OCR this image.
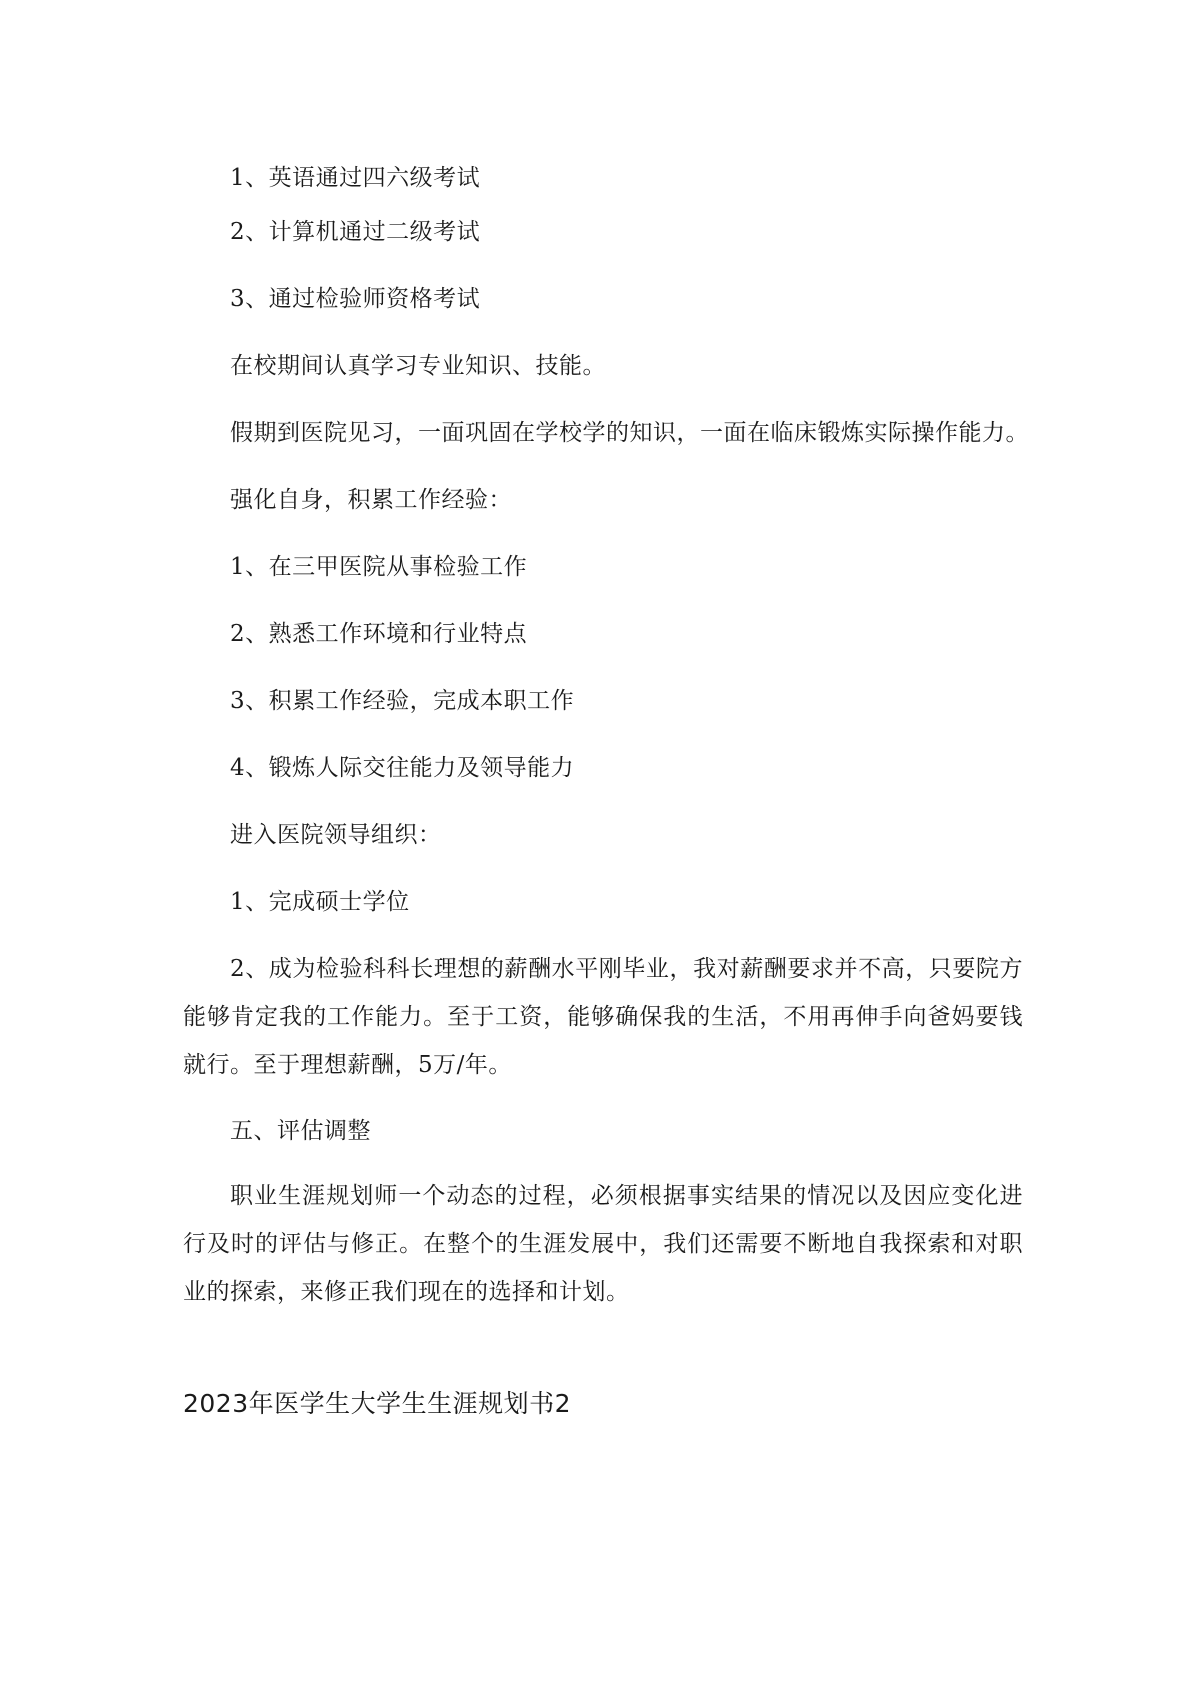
1、英语通过四六级考试
2、计算机通过二级考试
3、通过检验师资格考试
在校期间认真学习专业知识、技能。
假期到医院见习，一面巩固在学校学的知识，一面在临床锻炼实际操作能力。
强化自身，积累工作经验：
1、在三甲医院从事检验工作
2、熟悉工作环境和行业特点
3、积累工作经验，完成本职工作
4、锻炼人际交往能力及领导能力
进入医院领导组织：
1、完成硕士学位
2、成为检验科科长理想的薪酬水平刚毕业，我对薪酬要求并不高，只要院方能够肯定我的工作能力。至于工资，能够确保我的生活，不用再伸手向爸妈要钱就行。至于理想薪酬，5万/年。
五、评估调整
职业生涯规划师一个动态的过程，必须根据事实结果的情况以及因应变化进行及时的评估与修正。在整个的生涯发展中，我们还需要不断地自我探索和对职业的探索，来修正我们现在的选择和计划。
2023年医学生大学生生涯规划书2
